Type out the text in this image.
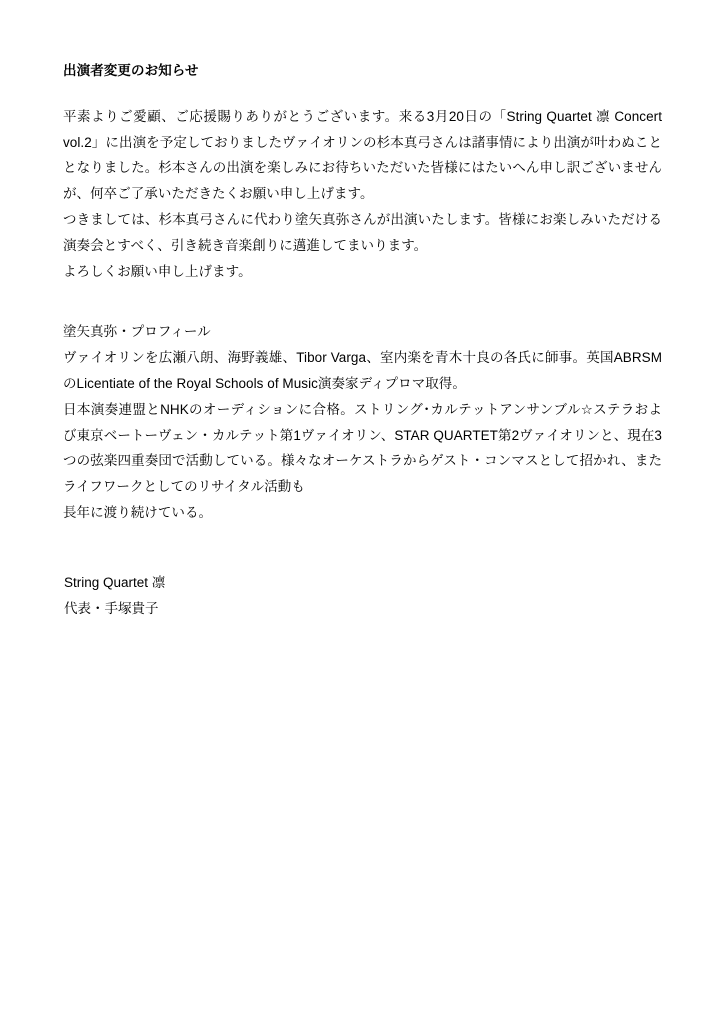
出演者変更のお知らせ

平素よりご愛顧、ご応援賜りありがとうございます。来る3月20日の「String Quartet 凛 Concert vol.2」に出演を予定しておりましたヴァイオリンの杉本真弓さんは諸事情により出演が叶わぬこととなりました。杉本さんの出演を楽しみにお待ちいただいた皆様にはたいへん申し訳ございませんが、何卒ご了承いただきたくお願い申し上げます。

つきましては、杉本真弓さんに代わり塗矢真弥さんが出演いたします。皆様にお楽しみいただける演奏会とすべく、引き続き音楽創りに邁進してまいります。

よろしくお願い申し上げます。

塗矢真弥・プロフィール

ヴァイオリンを広瀬八朗、海野義雄、Tibor Varga、室内楽を青木十良の各氏に師事。英国ABRSMのLicentiate of the Royal Schools of Music演奏家ディプロマ取得。

日本演奏連盟とNHKのオーディションに合格。ストリング･カルテットアンサンブル☆ステラおよび東京ベートーヴェン・カルテット第1ヴァイオリン、STAR QUARTET第2ヴァイオリンと、現在3つの弦楽四重奏団で活動している。様々なオーケストラからゲスト・コンマスとして招かれ、またライフワークとしてのリサイタル活動も

長年に渡り続けている。

String Quartet 凛

代表・手塚貴子
